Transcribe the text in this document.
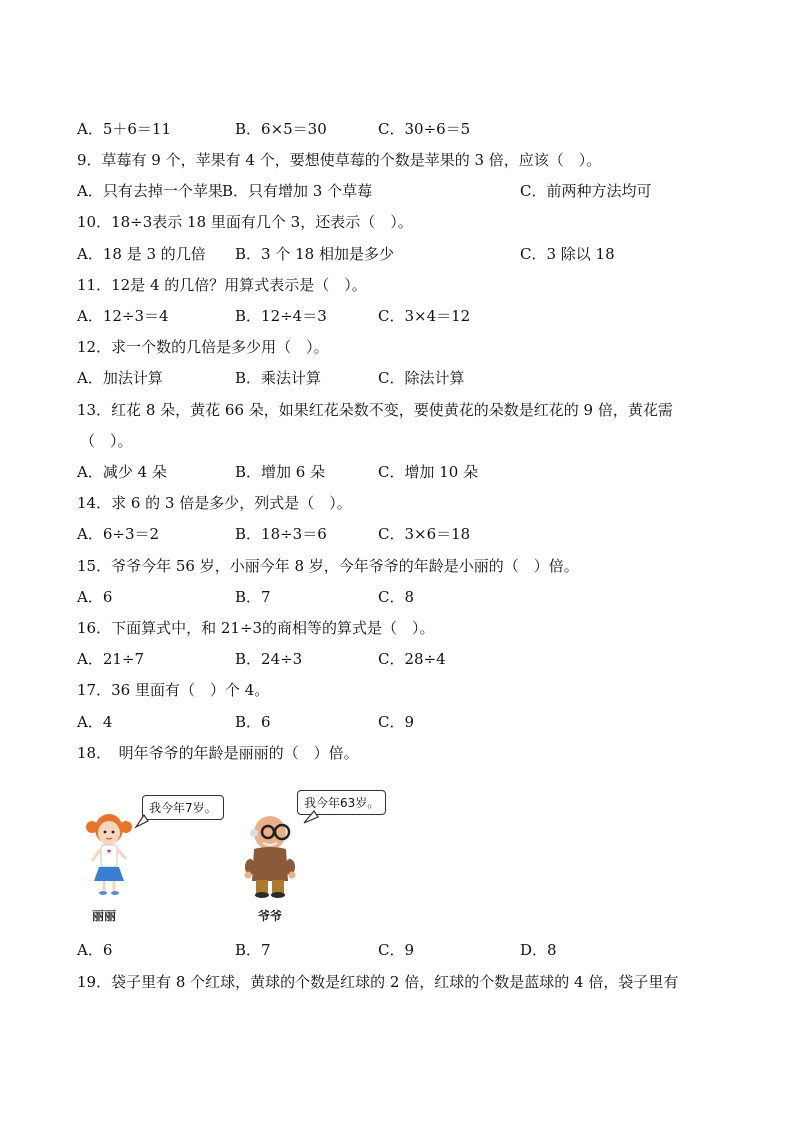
A．5＋6＝11	B．6×5＝30	C．30÷6＝5
9．草莓有 9 个，苹果有 4 个，要想使草莓的个数是苹果的 3 倍，应该（　）。
A．只有去掉一个苹果 B．只有增加 3 个草莓	C．前两种方法均可
10．18÷3表示 18 里面有几个 3，还表示（　）。
A．18 是 3 的几倍 B．3 个 18 相加是多少	C．3 除以 18
11．12是 4 的几倍？用算式表示是（　）。
A．12÷3＝4	B．12÷4＝3	C．3×4＝12
12．求一个数的几倍是多少用（　）。
A．加法计算	B．乘法计算	C．除法计算
13．红花 8 朵，黄花 66 朵，如果红花朵数不变，要使黄花的朵数是红花的 9 倍，黄花需
（　）。
A．减少 4 朵	B．增加 6 朵	C．增加 10 朵
14．求 6 的 3 倍是多少，列式是（　）。
A．6÷3＝2	B．18÷3＝6	C．3×6＝18
15．爷爷今年 56 岁，小丽今年 8 岁，今年爷爷的年龄是小丽的（　）倍。
A．6	B．7	C．8
16．下面算式中，和 21÷3的商相等的算式是（　）。
A．21÷7	B．24÷3	C．28÷4
17．36 里面有（　）个 4。
A．4	B．6	C．9
18．　明年爷爷的年龄是丽丽的（　）倍。
我今年7岁。	我今年63岁。
丽丽	爷爷
A．6	B．7	C．9	D．8
19．袋子里有 8 个红球，黄球的个数是红球的 2 倍，红球的个数是蓝球的 4 倍，袋子里有
